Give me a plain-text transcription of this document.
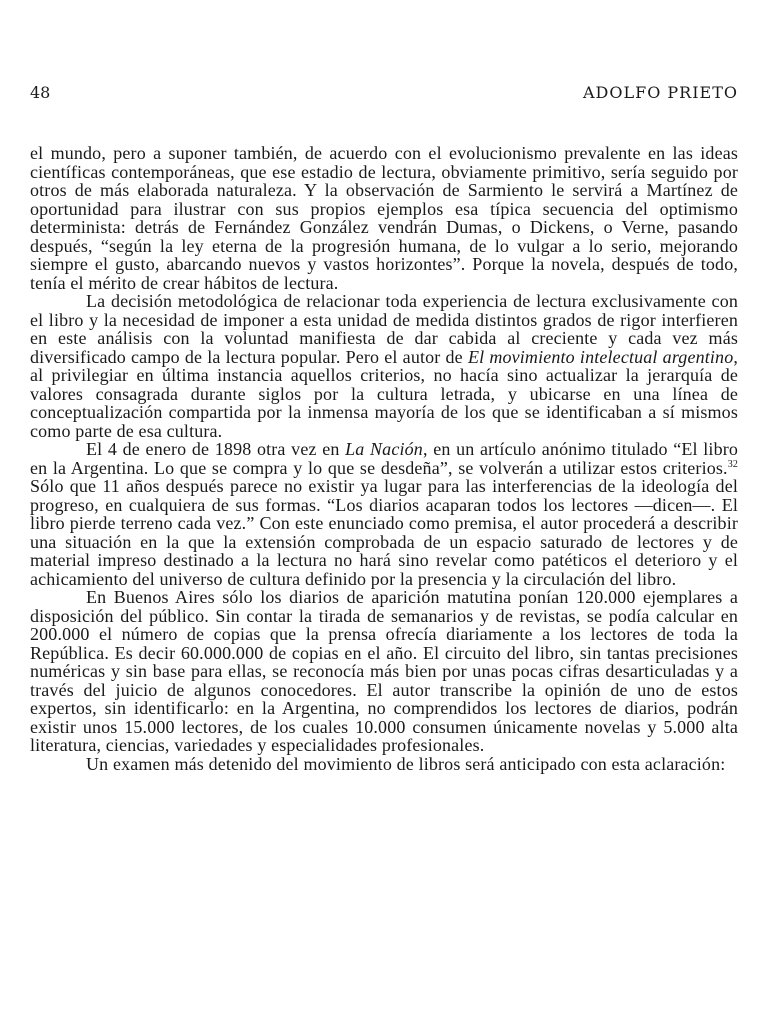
48	ADOLFO PRIETO

el mundo, pero a suponer también, de acuerdo con el evolucionismo prevalente en las ideas científicas contemporáneas, que ese estadio de lectura, obviamente primitivo, sería seguido por otros de más elaborada naturaleza. Y la observación de Sarmiento le servirá a Martínez de oportunidad para ilustrar con sus propios ejemplos esa típica secuencia del optimismo determinista: detrás de Fernández González vendrán Dumas, o Dickens, o Verne, pasando después, “según la ley eterna de la progresión humana, de lo vulgar a lo serio, mejorando siempre el gusto, abarcando nuevos y vastos horizontes”. Porque la novela, después de todo, tenía el mérito de crear hábitos de lectura.

La decisión metodológica de relacionar toda experiencia de lectura exclusivamente con el libro y la necesidad de imponer a esta unidad de medida distintos grados de rigor interfieren en este análisis con la voluntad manifiesta de dar cabida al creciente y cada vez más diversificado campo de la lectura popular. Pero el autor de El movimiento intelectual argentino, al privilegiar en última instancia aquellos criterios, no hacía sino actualizar la jerarquía de valores consagrada durante siglos por la cultura letrada, y ubicarse en una línea de conceptualización compartida por la inmensa mayoría de los que se identificaban a sí mismos como parte de esa cultura.

El 4 de enero de 1898 otra vez en La Nación, en un artículo anónimo titulado “El libro en la Argentina. Lo que se compra y lo que se desdeña”, se volverán a utilizar estos criterios.$^{32}$ Sólo que 11 años después parece no existir ya lugar para las interferencias de la ideología del progreso, en cualquiera de sus formas. “Los diarios acaparan todos los lectores —dicen—. El libro pierde terreno cada vez.” Con este enunciado como premisa, el autor procederá a describir una situación en la que la extensión comprobada de un espacio saturado de lectores y de material impreso destinado a la lectura no hará sino revelar como patéticos el deterioro y el achicamiento del universo de cultura definido por la presencia y la circulación del libro.

En Buenos Aires sólo los diarios de aparición matutina ponían 120.000 ejemplares a disposición del público. Sin contar la tirada de semanarios y de revistas, se podía calcular en 200.000 el número de copias que la prensa ofrecía diariamente a los lectores de toda la República. Es decir 60.000.000 de copias en el año. El circuito del libro, sin tantas precisiones numéricas y sin base para ellas, se reconocía más bien por unas pocas cifras desarticuladas y a través del juicio de algunos conocedores. El autor transcribe la opinión de uno de estos expertos, sin identificarlo: en la Argentina, no comprendidos los lectores de diarios, podrán existir unos 15.000 lectores, de los cuales 10.000 consumen únicamente novelas y 5.000 alta literatura, ciencias, variedades y especialidades profesionales.

Un examen más detenido del movimiento de libros será anticipado con esta aclaración:
